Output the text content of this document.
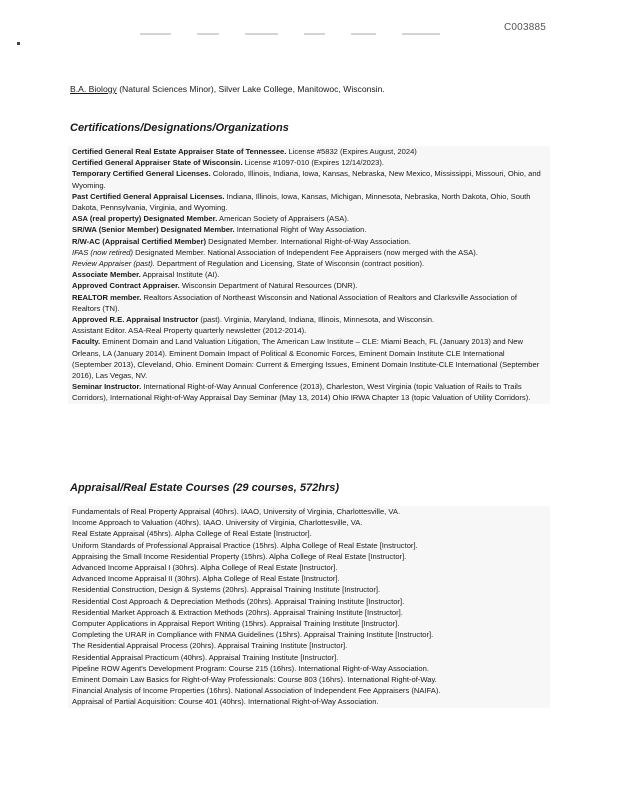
C003885
B.A. Biology (Natural Sciences Minor), Silver Lake College, Manitowoc, Wisconsin.
Certifications/Designations/Organizations
Certified General Real Estate Appraiser State of Tennessee. License #5832 (Expires August, 2024)
Certified General Appraiser State of Wisconsin. License #1097-010 (Expires 12/14/2023).
Temporary Certified General Licenses. Colorado, Illinois, Indiana, Iowa, Kansas, Nebraska, New Mexico, Mississippi, Missouri, Ohio, and Wyoming.
Past Certified General Appraisal Licenses. Indiana, Illinois, Iowa, Kansas, Michigan, Minnesota, Nebraska, North Dakota, Ohio, South Dakota, Pennsylvania, Virginia, and Wyoming.
ASA (real property) Designated Member. American Society of Appraisers (ASA).
SR/WA (Senior Member) Designated Member. International Right of Way Association.
R/W-AC (Appraisal Certified Member) Designated Member. International Right-of-Way Association.
IFAS (now retired) Designated Member. National Association of Independent Fee Appraisers (now merged with the ASA).
Review Appraiser (past). Department of Regulation and Licensing, State of Wisconsin (contract position).
Associate Member. Appraisal Institute (AI).
Approved Contract Appraiser. Wisconsin Department of Natural Resources (DNR).
REALTOR member. Realtors Association of Northeast Wisconsin and National Association of Realtors and Clarksville Association of Realtors (TN).
Approved R.E. Appraisal Instructor (past). Virginia, Maryland, Indiana, Illinois, Minnesota, and Wisconsin.
Assistant Editor. ASA-Real Property quarterly newsletter (2012-2014).
Faculty. Eminent Domain and Land Valuation Litigation, The American Law Institute – CLE: Miami Beach, FL (January 2013) and New Orleans, LA (January 2014). Eminent Domain Impact of Political & Economic Forces, Eminent Domain Institute CLE International (September 2013), Cleveland, Ohio. Eminent Domain: Current & Emerging Issues, Eminent Domain Institute-CLE International (September 2016), Las Vegas, NV.
Seminar Instructor. International Right-of-Way Annual Conference (2013), Charleston, West Virginia (topic Valuation of Rails to Trails Corridors), International Right-of-Way Appraisal Day Seminar (May 13, 2014) Ohio IRWA Chapter 13 (topic Valuation of Utility Corridors).
Appraisal/Real Estate Courses (29 courses, 572hrs)
Fundamentals of Real Property Appraisal (40hrs). IAAO, University of Virginia, Charlottesville, VA.
Income Approach to Valuation (40hrs). IAAO. University of Virginia, Charlottesville, VA.
Real Estate Appraisal (45hrs). Alpha College of Real Estate [Instructor].
Uniform Standards of Professional Appraisal Practice (15hrs). Alpha College of Real Estate [Instructor].
Appraising the Small Income Residential Property (15hrs). Alpha College of Real Estate [Instructor].
Advanced Income Appraisal I (30hrs). Alpha College of Real Estate [Instructor].
Advanced Income Appraisal II (30hrs). Alpha College of Real Estate [Instructor].
Residential Construction, Design & Systems (20hrs). Appraisal Training Institute [Instructor].
Residential Cost Approach & Depreciation Methods (20hrs). Appraisal Training Institute [Instructor].
Residential Market Approach & Extraction Methods (20hrs). Appraisal Training Institute [Instructor].
Computer Applications in Appraisal Report Writing (15hrs). Appraisal Training Institute [Instructor].
Completing the URAR in Compliance with FNMA Guidelines (15hrs). Appraisal Training Institute [Instructor].
The Residential Appraisal Process (20hrs). Appraisal Training Institute [Instructor].
Residential Appraisal Practicum (40hrs). Appraisal Training Institute [Instructor].
Pipeline ROW Agent's Development Program: Course 215 (16hrs). International Right-of-Way Association.
Eminent Domain Law Basics for Right-of-Way Professionals: Course 803 (16hrs). International Right-of-Way.
Financial Analysis of Income Properties (16hrs). National Association of Independent Fee Appraisers (NAIFA).
Appraisal of Partial Acquisition: Course 401 (40hrs). International Right-of-Way Association.
